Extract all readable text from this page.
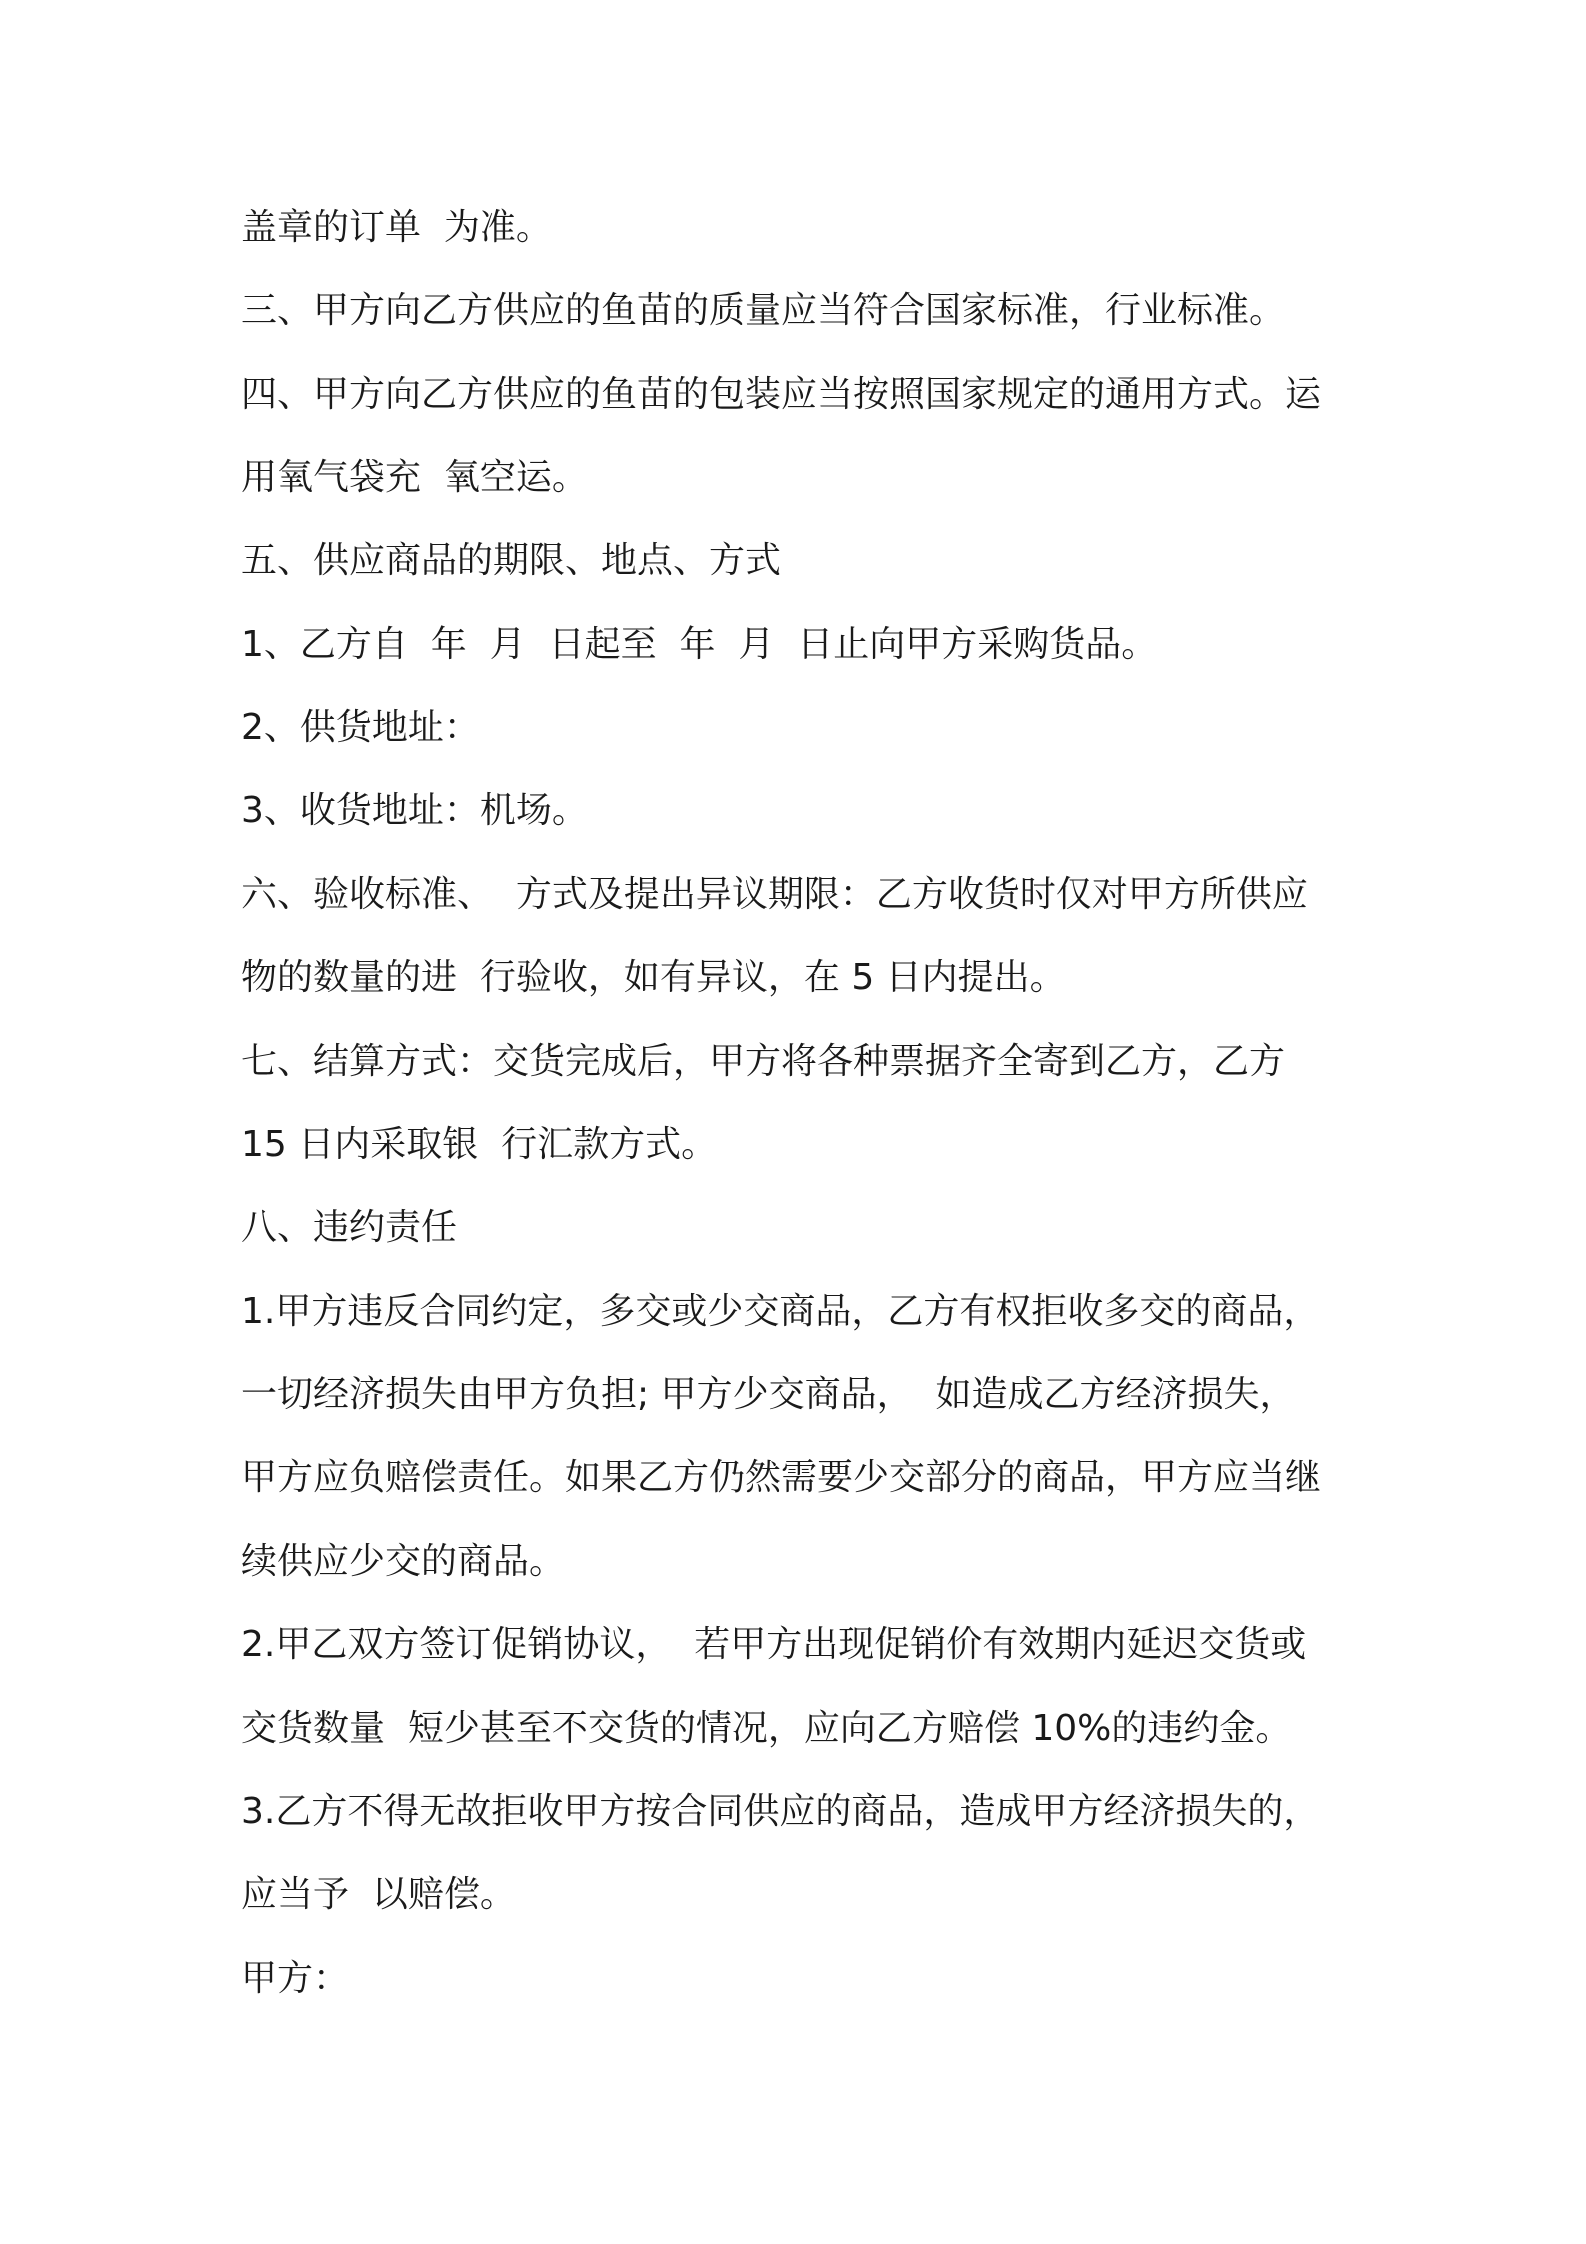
盖章的订单  为准。
三、甲方向乙方供应的鱼苗的质量应当符合国家标准，行业标准。
四、甲方向乙方供应的鱼苗的包装应当按照国家规定的通用方式。运
用氧气袋充  氧空运。
五、供应商品的期限、地点、方式
1、乙方自  年  月  日起至  年  月  日止向甲方采购货品。
2、供货地址：
3、收货地址：机场。
六、验收标准、  方式及提出异议期限：乙方收货时仅对甲方所供应
物的数量的进  行验收，如有异议，在 5 日内提出。
七、结算方式：交货完成后，甲方将各种票据齐全寄到乙方，乙方
15 日内采取银  行汇款方式。
八、违约责任
1.甲方违反合同约定，多交或少交商品，乙方有权拒收多交的商品，
一切经济损失由甲方负担; 甲方少交商品，  如造成乙方经济损失，
甲方应负赔偿责任。如果乙方仍然需要少交部分的商品，甲方应当继
续供应少交的商品。
2.甲乙双方签订促销协议，  若甲方出现促销价有效期内延迟交货或
交货数量  短少甚至不交货的情况，应向乙方赔偿 10%的违约金。
3.乙方不得无故拒收甲方按合同供应的商品，造成甲方经济损失的，
应当予  以赔偿。
甲方：
